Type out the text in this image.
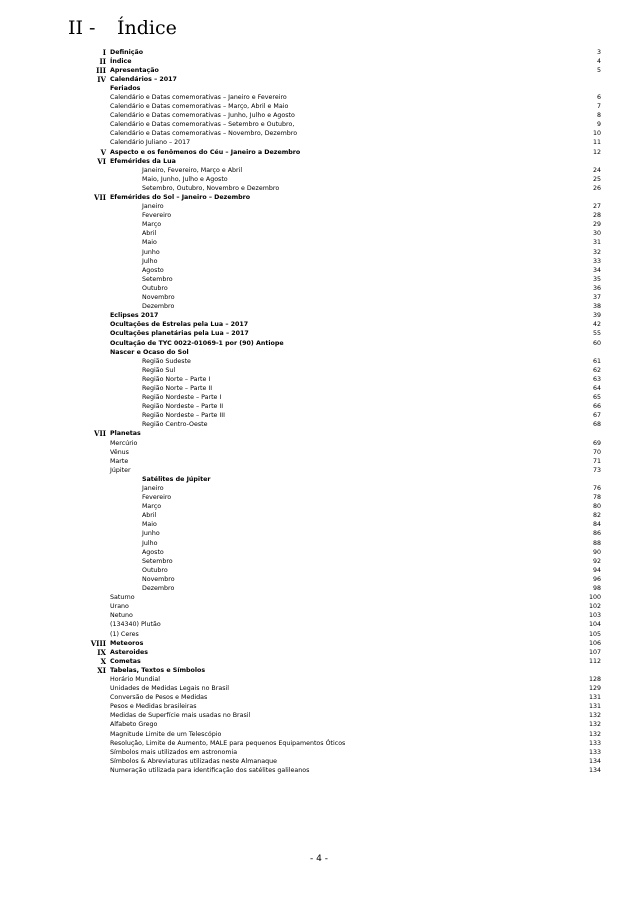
II - Índice
I Definição	3
II Índice	4
III Apresentação	5
IV Calendários – 2017
Feriados
Calendário e Datas comemorativas – Janeiro e Fevereiro	6
Calendário e Datas comemorativas – Março, Abril e Maio	7
Calendário e Datas comemorativas – Junho, Julho e Agosto	8
Calendário e Datas comemorativas – Setembro e Outubro,	9
Calendário e Datas comemorativas – Novembro, Dezembro	10
Calendário Juliano – 2017	11
V Aspecto e os fenômenos do Céu – Janeiro a Dezembro	12
VI Efemérides da Lua
Janeiro, Fevereiro, Março e Abril	24
Maio, Junho, Julho e Agosto	25
Setembro, Outubro, Novembro e Dezembro	26
VII Efemérides do Sol – Janeiro – Dezembro
Janeiro	27
Fevereiro	28
Março	29
Abril	30
Maio	31
Junho	32
Julho	33
Agosto	34
Setembro	35
Outubro	36
Novembro	37
Dezembro	38
Eclipses 2017	39
Ocultações de Estrelas pela Lua – 2017	42
Ocultações planetárias pela Lua – 2017	55
Ocultação de TYC 0022-01069-1 por (90) Antiope	60
Nascer e Ocaso do Sol
Região Sudeste	61
Região Sul	62
Região Norte – Parte I	63
Região Norte – Parte II	64
Região Nordeste – Parte I	65
Região Nordeste – Parte II	66
Região Nordeste – Parte III	67
Região Centro-Oeste	68
VII Planetas
Mercúrio	69
Vênus	70
Marte	71
Júpiter	73
Satélites de Júpiter
Janeiro	76
Fevereiro	78
Março	80
Abril	82
Maio	84
Junho	86
Julho	88
Agosto	90
Setembro	92
Outubro	94
Novembro	96
Dezembro	98
Saturno	100
Urano	102
Netuno	103
(134340) Plutão	104
(1) Ceres	105
VIII Meteoros	106
IX Asteroides	107
X Cometas	112
XI Tabelas, Textos e Símbolos
Horário Mundial	128
Unidades de Medidas Legais no Brasil	129
Conversão de Pesos e Medidas	131
Pesos e Medidas brasileiras	131
Medidas de Superfície mais usadas no Brasil	132
Alfabeto Grego	132
Magnitude Limite de um Telescópio	132
Resolução, Limite de Aumento, MALE para pequenos Equipamentos Óticos	133
Símbolos mais utilizados em astronomia	133
Símbolos & Abreviaturas utilizadas neste Almanaque	134
Numeração utilizada para identificação dos satélites galileanos	134
- 4 -
